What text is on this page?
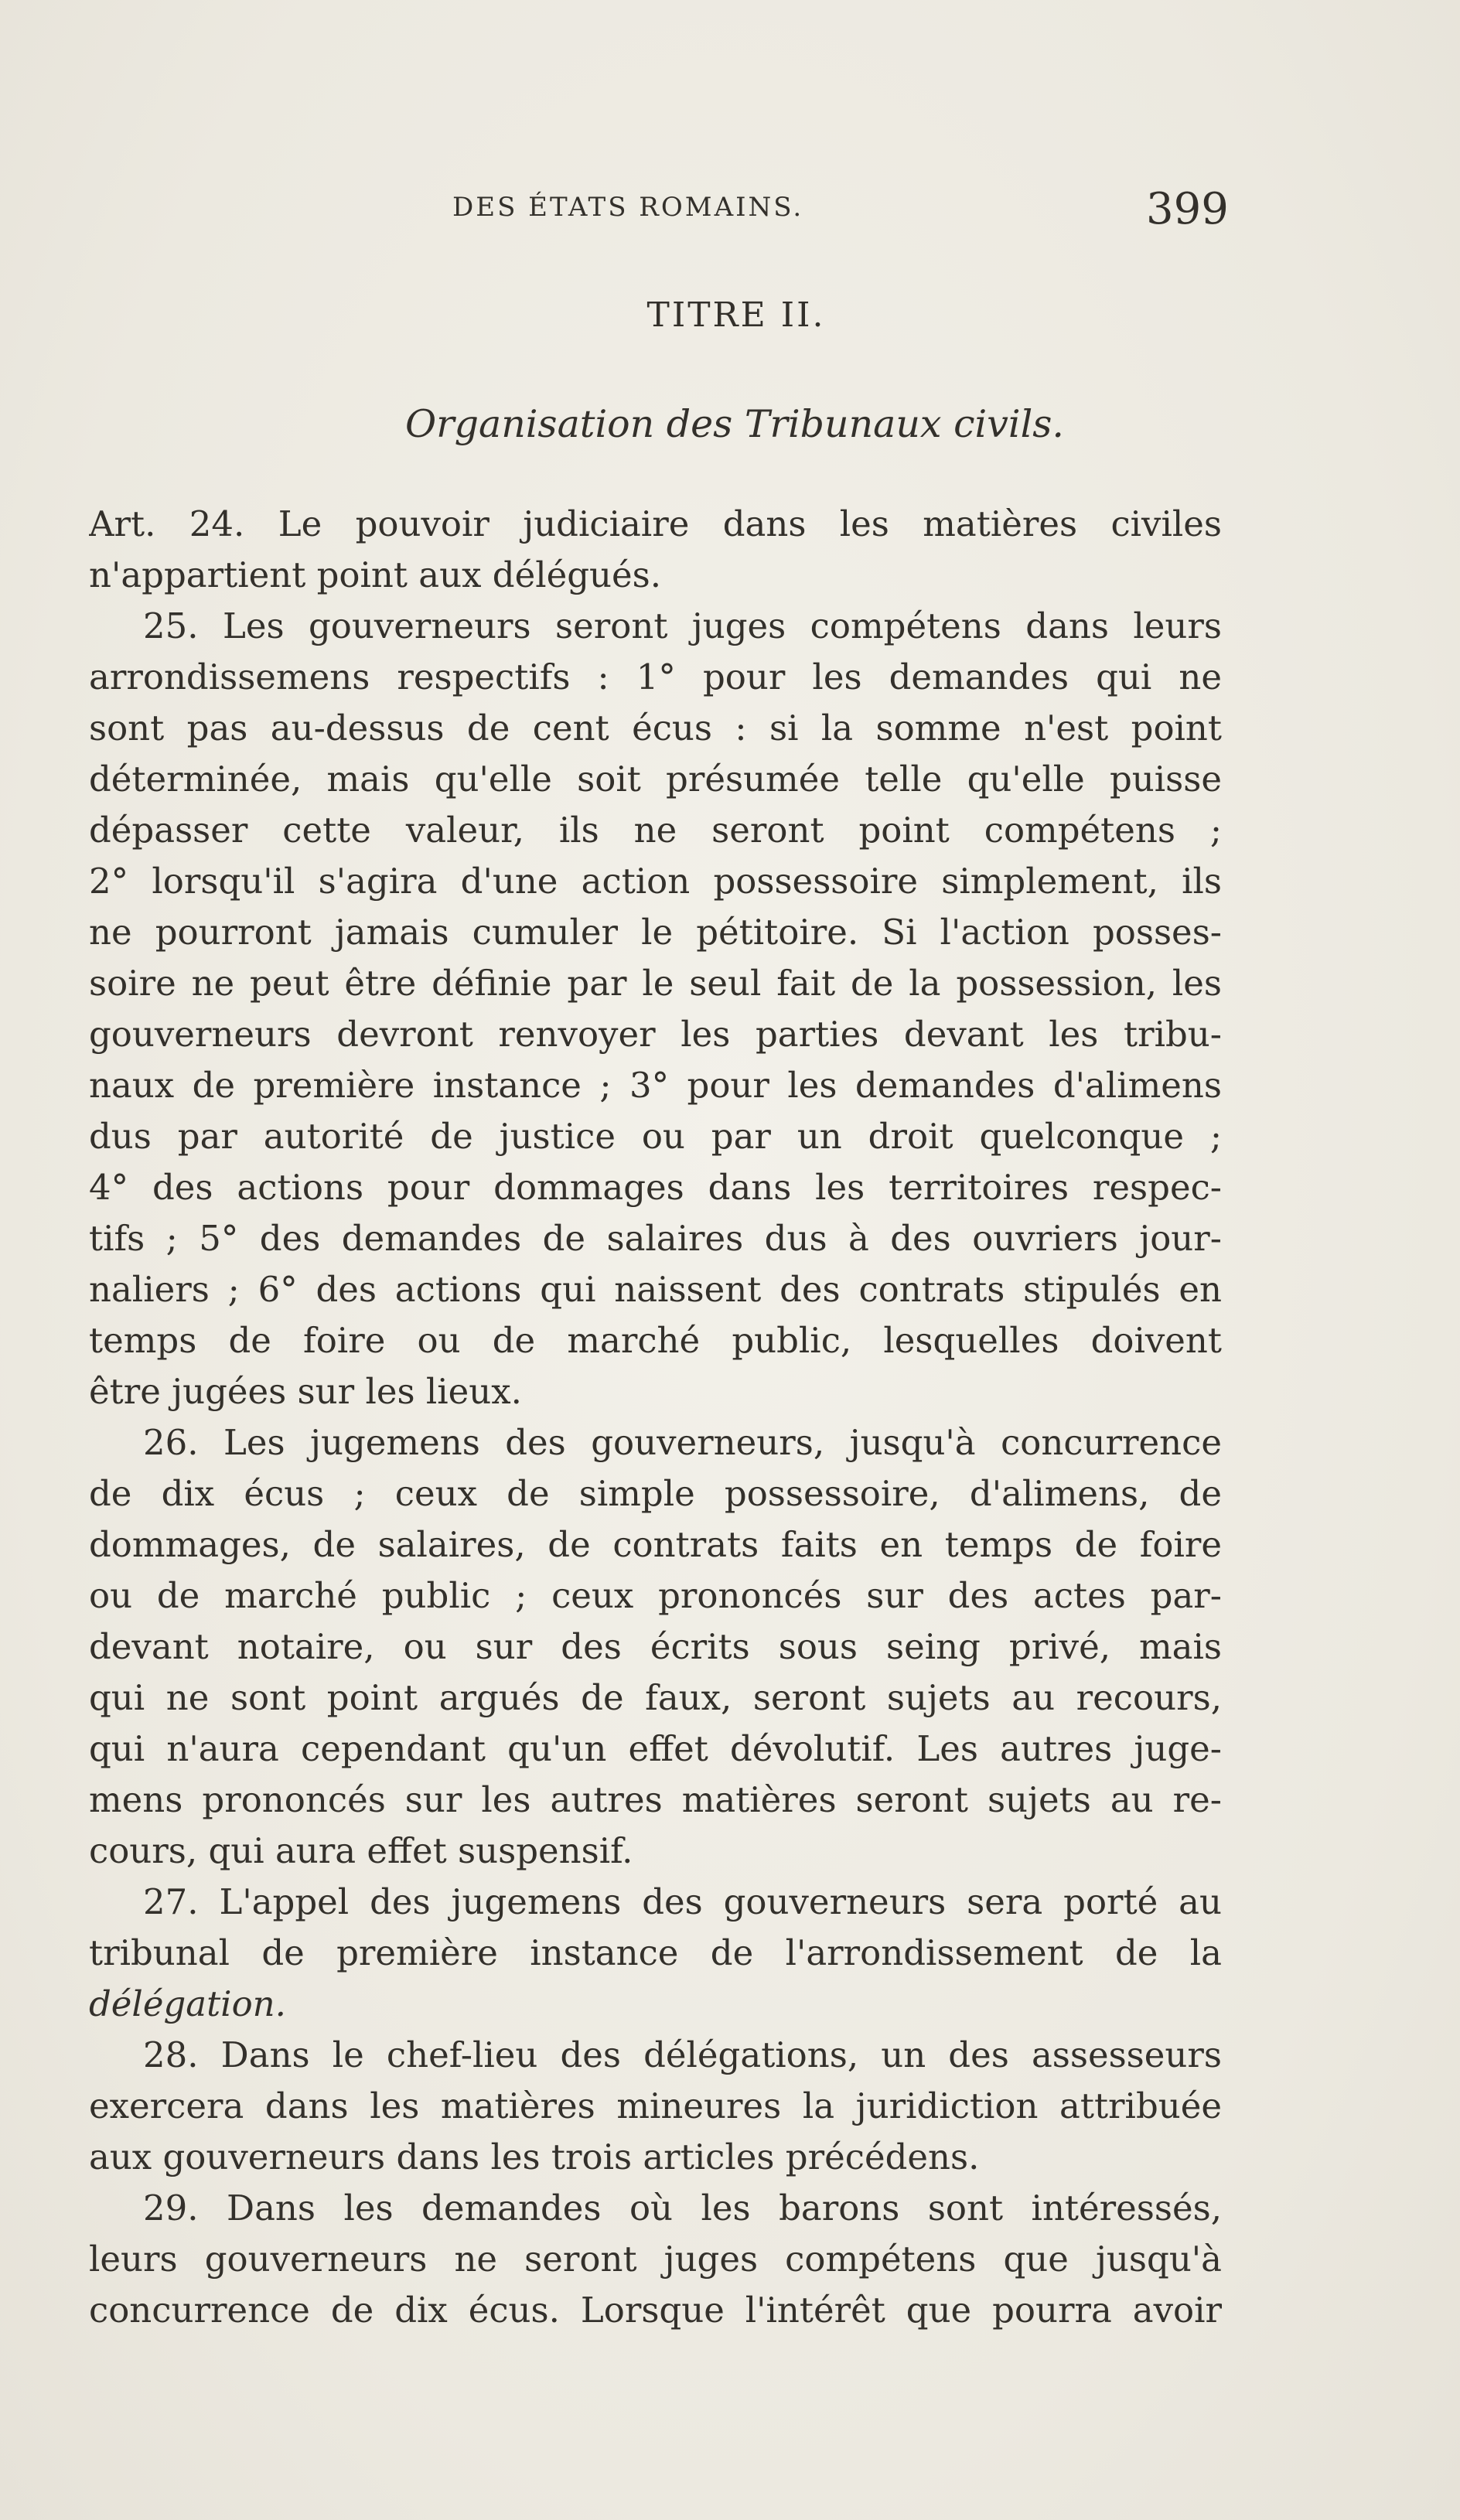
DES ÉTATS ROMAINS.	399
TITRE II.
Organisation des Tribunaux civils.
Art. 24. Le pouvoir judiciaire dans les matières civiles
n'appartient point aux délégués.
25. Les gouverneurs seront juges compétens dans leurs
arrondissemens respectifs : 1° pour les demandes qui ne
sont pas au-dessus de cent écus : si la somme n'est point
déterminée, mais qu'elle soit présumée telle qu'elle puisse
dépasser cette valeur, ils ne seront point compétens ;
2° lorsqu'il s'agira d'une action possessoire simplement, ils
ne pourront jamais cumuler le pétitoire. Si l'action posses-
soire ne peut être définie par le seul fait de la possession, les
gouverneurs devront renvoyer les parties devant les tribu-
naux de première instance ; 3° pour les demandes d'alimens
dus par autorité de justice ou par un droit quelconque ;
4° des actions pour dommages dans les territoires respec-
tifs ; 5° des demandes de salaires dus à des ouvriers jour-
naliers ; 6° des actions qui naissent des contrats stipulés en
temps de foire ou de marché public, lesquelles doivent
être jugées sur les lieux.
26. Les jugemens des gouverneurs, jusqu'à concurrence
de dix écus ; ceux de simple possessoire, d'alimens, de
dommages, de salaires, de contrats faits en temps de foire
ou de marché public ; ceux prononcés sur des actes par-
devant notaire, ou sur des écrits sous seing privé, mais
qui ne sont point argués de faux, seront sujets au recours,
qui n'aura cependant qu'un effet dévolutif. Les autres juge-
mens prononcés sur les autres matières seront sujets au re-
cours, qui aura effet suspensif.
27. L'appel des jugemens des gouverneurs sera porté au
tribunal de première instance de l'arrondissement de la
délégation.
28. Dans le chef-lieu des délégations, un des assesseurs
exercera dans les matières mineures la juridiction attribuée
aux gouverneurs dans les trois articles précédens.
29. Dans les demandes où les barons sont intéressés,
leurs gouverneurs ne seront juges compétens que jusqu'à
concurrence de dix écus. Lorsque l'intérêt que pourra avoir
